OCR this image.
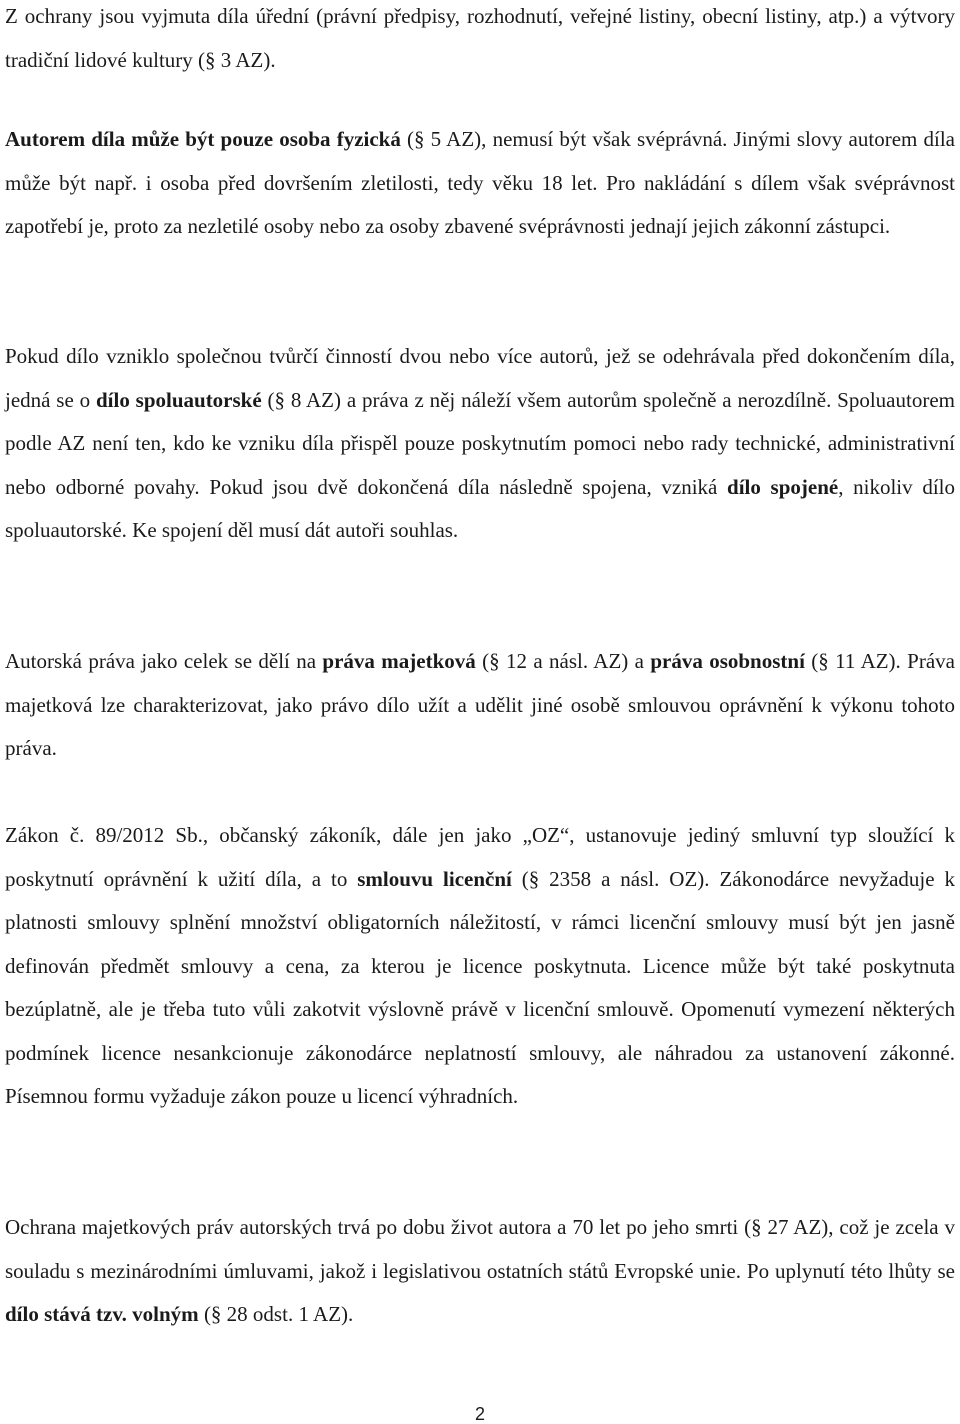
Z ochrany jsou vyjmuta díla úřední (právní předpisy, rozhodnutí, veřejné listiny, obecní listiny, atp.) a výtvory tradiční lidové kultury (§ 3 AZ).

Autorem díla může být pouze osoba fyzická (§ 5 AZ), nemusí být však svéprávná. Jinými slovy autorem díla může být např. i osoba před dovršením zletilosti, tedy věku 18 let. Pro nakládání s dílem však svéprávnost zapotřebí je, proto za nezletilé osoby nebo za osoby zbavené svéprávnosti jednají jejich zákonní zástupci.

Pokud dílo vzniklo společnou tvůrčí činností dvou nebo více autorů, jež se odehrávala před dokončením díla, jedná se o dílo spoluautorské (§ 8 AZ) a práva z něj náleží všem autorům společně a nerozdílně. Spoluautorem podle AZ není ten, kdo ke vzniku díla přispěl pouze poskytnutím pomoci nebo rady technické, administrativní nebo odborné povahy. Pokud jsou dvě dokončená díla následně spojena, vzniká dílo spojené, nikoliv dílo spoluautorské. Ke spojení děl musí dát autoři souhlas.

Autorská práva jako celek se dělí na práva majetková (§ 12 a násl. AZ) a práva osobnostní (§ 11 AZ). Práva majetková lze charakterizovat, jako právo dílo užít a udělit jiné osobě smlouvou oprávnění k výkonu tohoto práva.

Zákon č. 89/2012 Sb., občanský zákoník, dále jen jako „OZ“, ustanovuje jediný smluvní typ sloužící k poskytnutí oprávnění k užití díla, a to smlouvu licenční (§ 2358 a násl. OZ). Zákonodárce nevyžaduje k platnosti smlouvy splnění množství obligatorních náležitostí, v rámci licenční smlouvy musí být jen jasně definován předmět smlouvy a cena, za kterou je licence poskytnuta. Licence může být také poskytnuta bezúplatně, ale je třeba tuto vůli zakotvit výslovně právě v licenční smlouvě. Opomenutí vymezení některých podmínek licence nesankcionuje zákonodárce neplatností smlouvy, ale náhradou za ustanovení zákonné. Písemnou formu vyžaduje zákon pouze u licencí výhradních.

Ochrana majetkových práv autorských trvá po dobu život autora a 70 let po jeho smrti (§ 27 AZ), což je zcela v souladu s mezinárodními úmluvami, jakož i legislativou ostatních států Evropské unie. Po uplynutí této lhůty se dílo stává tzv. volným (§ 28 odst. 1 AZ).

2
